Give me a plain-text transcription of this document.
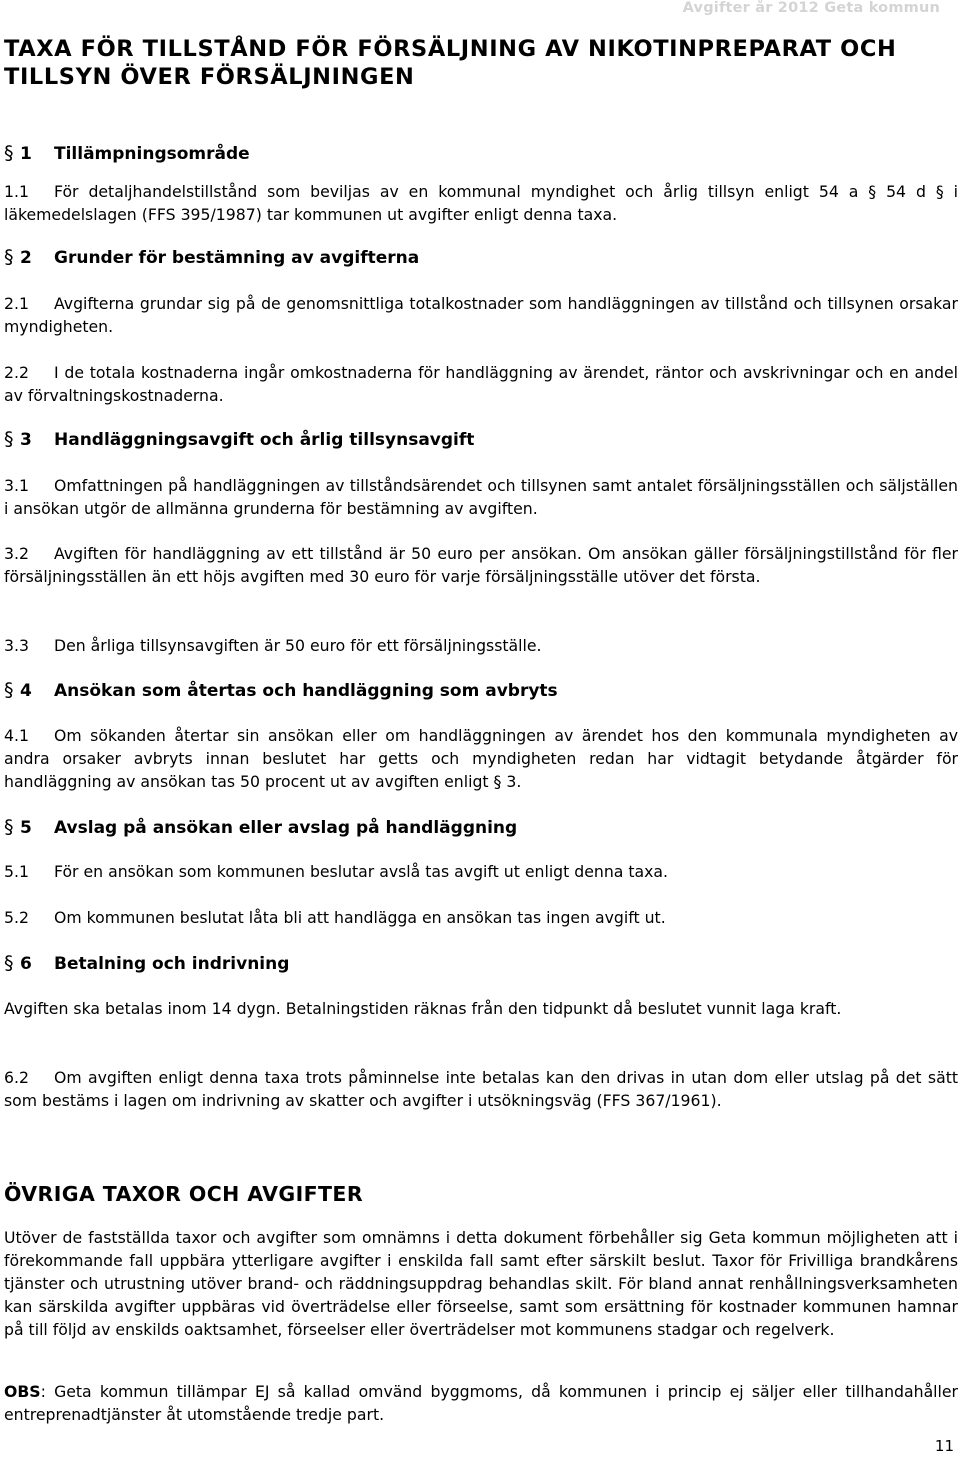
Avgifter år 2012 Geta kommun
TAXA FÖR TILLSTÅND FÖR FÖRSÄLJNING AV NIKOTINPREPARAT OCH TILLSYN ÖVER FÖRSÄLJNINGEN
§ 1 Tillämpningsområde

1.1 För detaljhandelstillstånd som beviljas av en kommunal myndighet och årlig tillsyn enligt 54 a § 54 d § i läkemedelslagen (FFS 395/1987) tar kommunen ut avgifter enligt denna taxa.

§ 2 Grunder för bestämning av avgifterna

2.1 Avgifterna grundar sig på de genomsnittliga totalkostnader som handläggningen av tillstånd och tillsynen orsakar myndigheten.

2.2 I de totala kostnaderna ingår omkostnaderna för handläggning av ärendet, räntor och avskrivningar och en andel av förvaltningskostnaderna.

§ 3 Handläggningsavgift och årlig tillsynsavgift

3.1 Omfattningen på handläggningen av tillståndsärendet och tillsynen samt antalet försäljningsställen och säljställen i ansökan utgör de allmänna grunderna för bestämning av avgiften.

3.2 Avgiften för handläggning av ett tillstånd är 50 euro per ansökan. Om ansökan gäller försäljningstillstånd för fler försäljningsställen än ett höjs avgiften med 30 euro för varje försäljningsställe utöver det första.

3.3 Den årliga tillsynsavgiften är 50 euro för ett försäljningsställe.

§ 4 Ansökan som återtas och handläggning som avbryts

4.1 Om sökanden återtar sin ansökan eller om handläggningen av ärendet hos den kommunala myndigheten av andra orsaker avbryts innan beslutet har getts och myndigheten redan har vidtagit betydande åtgärder för handläggning av ansökan tas 50 procent ut av avgiften enligt § 3.

§ 5 Avslag på ansökan eller avslag på handläggning

5.1 För en ansökan som kommunen beslutar avslå tas avgift ut enligt denna taxa.

5.2 Om kommunen beslutat låta bli att handlägga en ansökan tas ingen avgift ut.

§ 6 Betalning och indrivning

Avgiften ska betalas inom 14 dygn. Betalningstiden räknas från den tidpunkt då beslutet vunnit laga kraft.

6.2 Om avgiften enligt denna taxa trots påminnelse inte betalas kan den drivas in utan dom eller utslag på det sätt som bestäms i lagen om indrivning av skatter och avgifter i utsökningsväg (FFS 367/1961).

ÖVRIGA TAXOR OCH AVGIFTER

Utöver de fastställda taxor och avgifter som omnämns i detta dokument förbehåller sig Geta kommun möjligheten att i förekommande fall uppbära ytterligare avgifter i enskilda fall samt efter särskilt beslut. Taxor för Frivilliga brandkårens tjänster och utrustning utöver brand- och räddningsuppdrag behandlas skilt. För bland annat renhållningsverksamheten kan särskilda avgifter uppbäras vid överträdelse eller förseelse, samt som ersättning för kostnader kommunen hamnar på till följd av enskilds oaktsamhet, förseelser eller överträdelser mot kommunens stadgar och regelverk.

OBS: Geta kommun tillämpar EJ så kallad omvänd byggmoms, då kommunen i princip ej säljer eller tillhandahåller entreprenadtjänster åt utomstående tredje part.

11
